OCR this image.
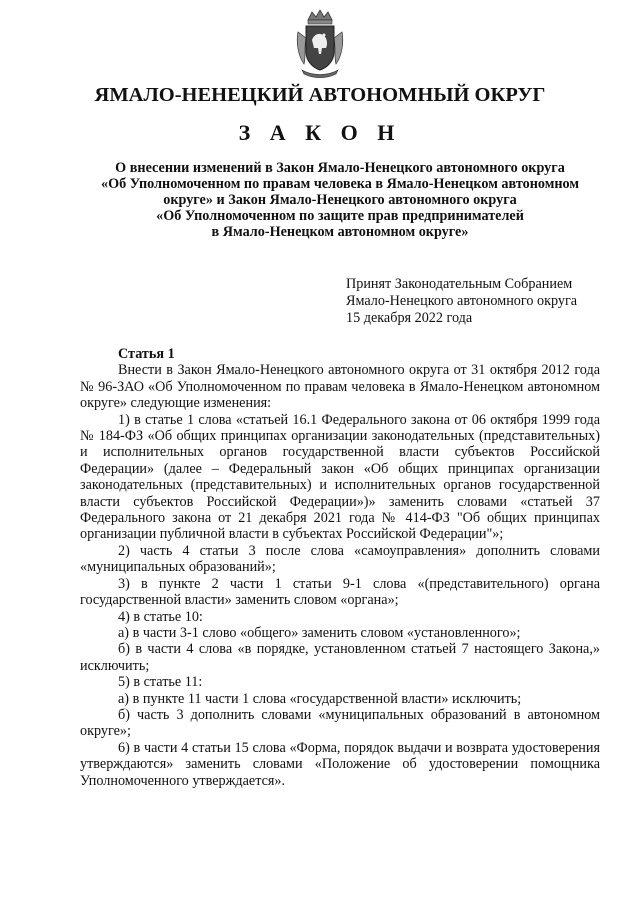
ЯМАЛО-НЕНЕЦКИЙ АВТОНОМНЫЙ ОКРУГ
З А К О Н
О внесении изменений в Закон Ямало-Ненецкого автономного округа
«Об Уполномоченном по правам человека в Ямало-Ненецком автономном
округе» и Закон Ямало-Ненецкого автономного округа
«Об Уполномоченном по защите прав предпринимателей
в Ямало-Ненецком автономном округе»
Принят Законодательным Собранием
Ямало-Ненецкого автономного округа
15 декабря 2022 года

Статья 1

Внести в Закон Ямало-Ненецкого автономного округа от 31 октября 2012 года № 96-ЗАО «Об Уполномоченном по правам человека в Ямало-Ненецком автономном округе» следующие изменения:

1) в статье 1 слова «статьей 16.1 Федерального закона от 06 октября 1999 года № 184-ФЗ «Об общих принципах организации законодательных (представительных) и исполнительных органов государственной власти субъектов Российской Федерации» (далее – Федеральный закон «Об общих принципах организации законодательных (представительных) и исполнительных органов государственной власти субъектов Российской Федерации»)» заменить словами «статьей 37 Федерального закона от 21 декабря 2021 года № 414-ФЗ "Об общих принципах организации публичной власти в субъектах Российской Федерации"»;

2) часть 4 статьи 3 после слова «самоуправления» дополнить словами «муниципальных образований»;

3) в пункте 2 части 1 статьи 9-1 слова «(представительного) органа государственной власти» заменить словом «органа»;

4) в статье 10:

а) в части 3-1 слово «общего» заменить словом «установленного»;

б) в части 4 слова «в порядке, установленном статьей 7 настоящего Закона,» исключить;

5) в статье 11:

а) в пункте 11 части 1 слова «государственной власти» исключить;

б) часть 3 дополнить словами «муниципальных образований в автономном округе»;

6) в части 4 статьи 15 слова «Форма, порядок выдачи и возврата удостоверения утверждаются» заменить словами «Положение об удостоверении помощника Уполномоченного утверждается».
